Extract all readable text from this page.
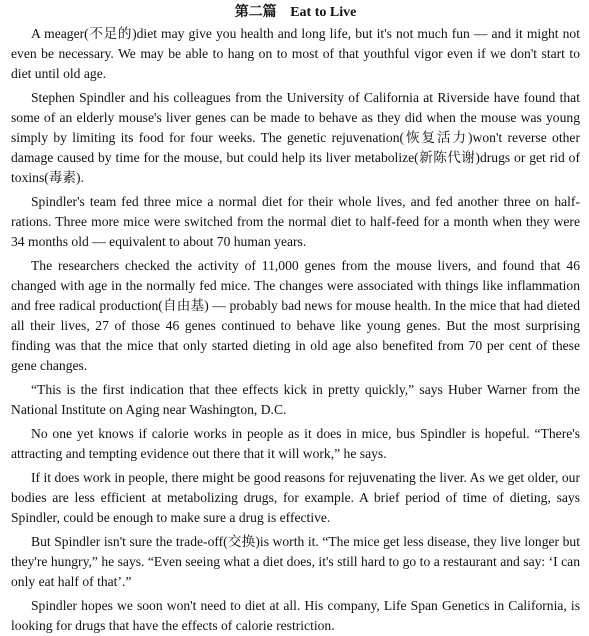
第二篇 Eat to Live

A meager(不足的)diet may give you health and long life, but it's not much fun — and it might not even be necessary. We may be able to hang on to most of that youthful vigor even if we don't start to diet until old age.

Stephen Spindler and his colleagues from the University of California at Riverside have found that some of an elderly mouse's liver genes can be made to behave as they did when the mouse was young simply by limiting its food for four weeks. The genetic rejuvenation(恢复活力)won't reverse other damage caused by time for the mouse, but could help its liver metabolize(新陈代谢)drugs or get rid of toxins(毒素).

Spindler's team fed three mice a normal diet for their whole lives, and fed another three on half-rations. Three more mice were switched from the normal diet to half-feed for a month when they were 34 months old — equivalent to about 70 human years.

The researchers checked the activity of 11,000 genes from the mouse livers, and found that 46 changed with age in the normally fed mice. The changes were associated with things like inflammation and free radical production(自由基) — probably bad news for mouse health. In the mice that had dieted all their lives, 27 of those 46 genes continued to behave like young genes. But the most surprising finding was that the mice that only started dieting in old age also benefited from 70 per cent of these gene changes.

“This is the first indication that thee effects kick in pretty quickly,” says Huber Warner from the National Institute on Aging near Washington, D.C.

No one yet knows if calorie works in people as it does in mice, bus Spindler is hopeful. “There's attracting and tempting evidence out there that it will work,” he says.

If it does work in people, there might be good reasons for rejuvenating the liver. As we get older, our bodies are less efficient at metabolizing drugs, for example. A brief period of time of dieting, says Spindler, could be enough to make sure a drug is effective.

But Spindler isn't sure the trade-off(交换)is worth it. “The mice get less disease, they live longer but they're hungry,” he says. “Even seeing what a diet does, it's still hard to go to a restaurant and say: ‘I can only eat half of that’.”

Spindler hopes we soon won't need to diet at all. His company, Life Span Genetics in California, is looking for drugs that have the effects of calorie restriction.
